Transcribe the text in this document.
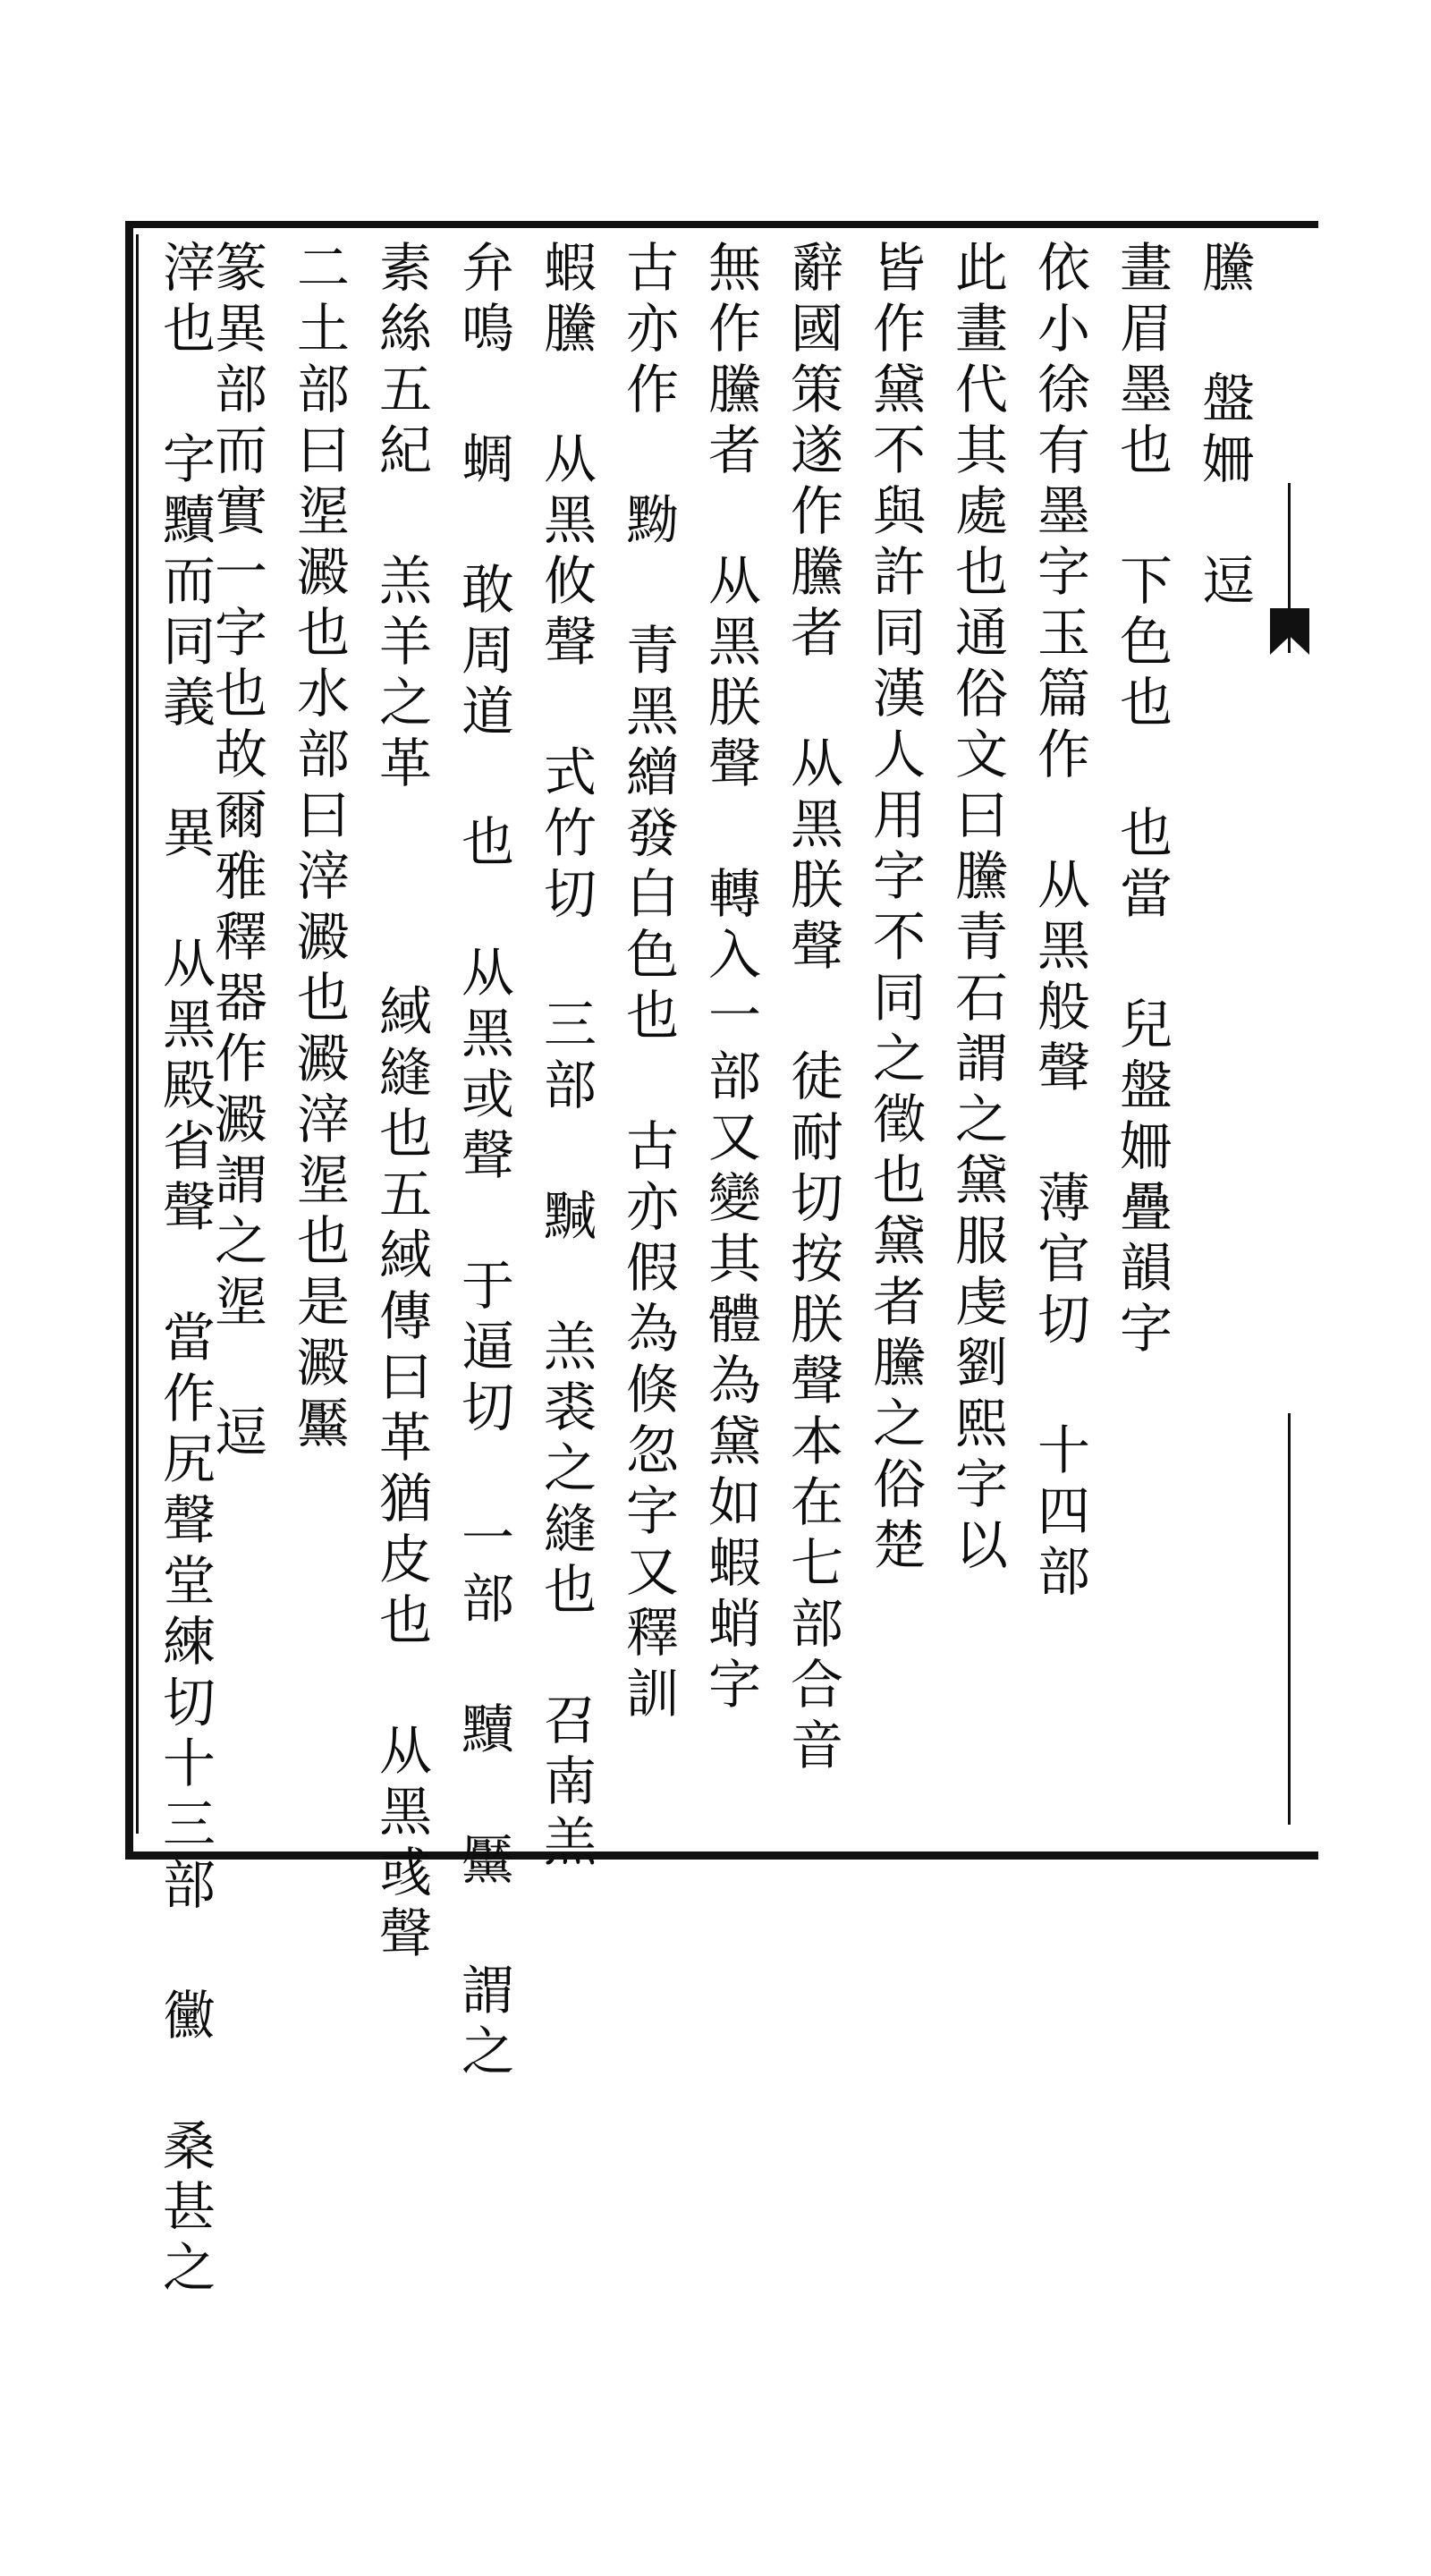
黱 盤姍　逗
畫眉墨也 下色也 也當 兒盤姍疊韻字
依小徐有墨字玉篇作 从黑般聲 薄官切 十四部
此畫代其處也通俗文曰黱青石謂之黛服虔劉熙字以
皆作黛不與許同漢人用字不同之徵也黛者黱之俗楚
辭國策遂作黱者 从黑朕聲 徒耐切按朕聲本在七部合音
無作黱者 从黑朕聲 轉入一部又變其體為黛如蝦蛸字
古亦作 黝 青黑繒發白色也 古亦假為倏忽字又釋訓
蝦黱 从黑攸聲 式竹切 三部 黬 羔裘之縫也 召南羔
弁鳴 蜩 敢周道 也 从黑或聲 于逼切 一部 黷 黶 謂之
素絲五紀 羔羊之革
緎縫也五緎傳曰革猶皮也 从黑彧聲
二土部曰埿澱也水部曰滓澱也澱滓埿也是澱黶
篆異部而實一字也故爾雅釋器作澱謂之埿 逗
滓也 字黷而同義 異 从黑殿省聲 當作尻聲堂練切十三部 黴 桑甚之
